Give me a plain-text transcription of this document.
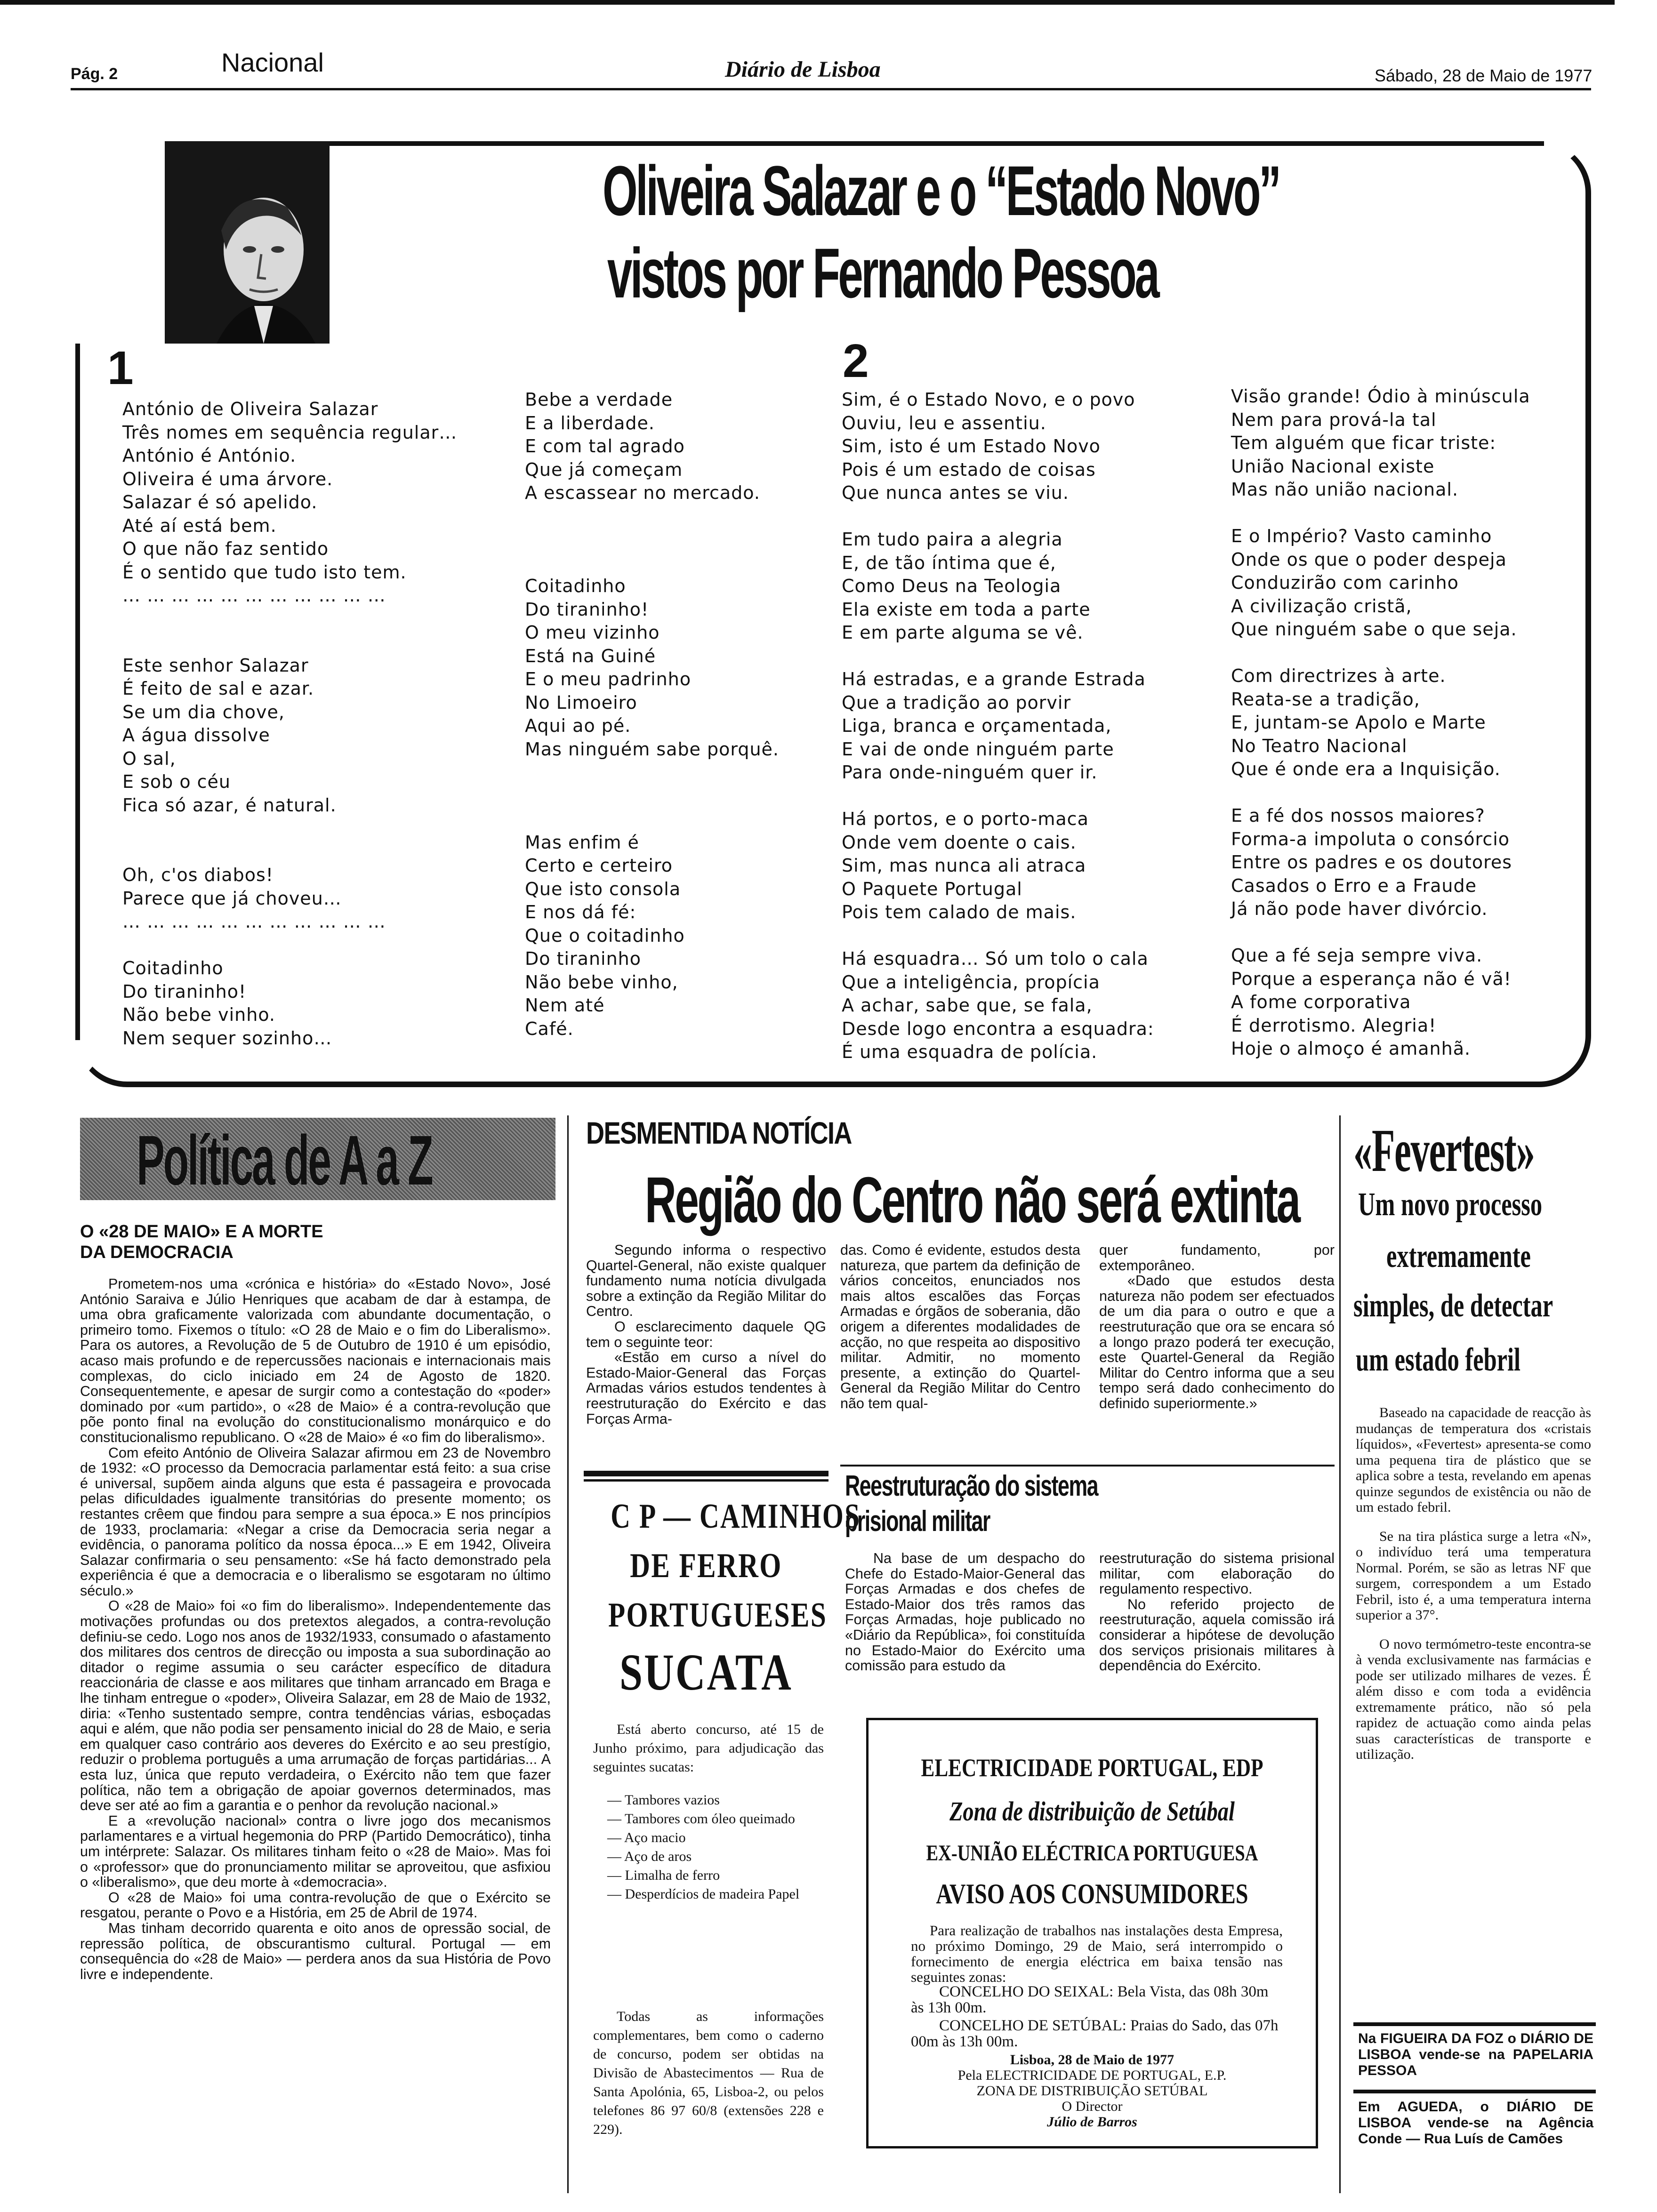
Pág. 2	Nacional	Diário de Lisboa	Sábado, 28 de Maio de 1977
Oliveira Salazar e o “Estado Novo”
vistos por Fernando Pessoa
1	2
António de Oliveira Salazar
Três nomes em sequência regular…
António é António.
Oliveira é uma árvore.
Salazar é só apelido.
Até aí está bem.
O que não faz sentido
É o sentido que tudo isto tem.
… … … … … … … … … … …
Este senhor Salazar
É feito de sal e azar.
Se um dia chove,
A água dissolve
O sal,
E sob o céu
Fica só azar, é natural.
Oh, c'os diabos!
Parece que já choveu…
… … … … … … … … … … …
Coitadinho
Do tiraninho!
Não bebe vinho.
Nem sequer sozinho…
Bebe a verdade
E a liberdade.
E com tal agrado
Que já começam
A escassear no mercado.
Coitadinho
Do tiraninho!
O meu vizinho
Está na Guiné
E o meu padrinho
No Limoeiro
Aqui ao pé.
Mas ninguém sabe porquê.
Mas enfim é
Certo e certeiro
Que isto consola
E nos dá fé:
Que o coitadinho
Do tiraninho
Não bebe vinho,
Nem até
Café.
Sim, é o Estado Novo, e o povo
Ouviu, leu e assentiu.
Sim, isto é um Estado Novo
Pois é um estado de coisas
Que nunca antes se viu.
Em tudo paira a alegria
E, de tão íntima que é,
Como Deus na Teologia
Ela existe em toda a parte
E em parte alguma se vê.
Há estradas, e a grande Estrada
Que a tradição ao porvir
Liga, branca e orçamentada,
E vai de onde ninguém parte
Para onde-ninguém quer ir.
Há portos, e o porto-maca
Onde vem doente o cais.
Sim, mas nunca ali atraca
O Paquete Portugal
Pois tem calado de mais.
Há esquadra… Só um tolo o cala
Que a inteligência, propícia
A achar, sabe que, se fala,
Desde logo encontra a esquadra:
É uma esquadra de polícia.
Visão grande! Ódio à minúscula
Nem para prová-la tal
Tem alguém que ficar triste:
União Nacional existe
Mas não união nacional.
E o Império? Vasto caminho
Onde os que o poder despeja
Conduzirão com carinho
A civilização cristã,
Que ninguém sabe o que seja.
Com directrizes à arte.
Reata-se a tradição,
E, juntam-se Apolo e Marte
No Teatro Nacional
Que é onde era a Inquisição.
E a fé dos nossos maiores?
Forma-a impoluta o consórcio
Entre os padres e os doutores
Casados o Erro e a Fraude
Já não pode haver divórcio.
Que a fé seja sempre viva.
Porque a esperança não é vã!
A fome corporativa
É derrotismo. Alegria!
Hoje o almoço é amanhã.
Política de A a Z
O «28 DE MAIO» E A MORTE
DA DEMOCRACIA

Prometem-nos uma «crónica e história» do «Estado Novo», José António Saraiva e Júlio Henriques que acabam de dar à estampa, de uma obra graficamente valorizada com abundante documentação, o primeiro tomo. Fixemos o título: «O 28 de Maio e o fim do Liberalismo». Para os autores, a Revolução de 5 de Outubro de 1910 é um episódio, acaso mais profundo e de repercussões nacionais e internacionais mais complexas, do ciclo iniciado em 24 de Agosto de 1820. Consequentemente, e apesar de surgir como a contestação do «poder» dominado por «um partido», o «28 de Maio» é a contra-revolução que põe ponto final na evolução do constitucionalismo monárquico e do constitucionalismo republicano. O «28 de Maio» é «o fim do liberalismo».

Com efeito António de Oliveira Salazar afirmou em 23 de Novembro de 1932: «O processo da Democracia parlamentar está feito: a sua crise é universal, supõem ainda alguns que esta é passageira e provocada pelas dificuldades igualmente transitórias do presente momento; os restantes crêem que findou para sempre a sua época.» E nos princípios de 1933, proclamaria: «Negar a crise da Democracia seria negar a evidência, o panorama político da nossa época...» E em 1942, Oliveira Salazar confirmaria o seu pensamento: «Se há facto demonstrado pela experiência é que a democracia e o liberalismo se esgotaram no último século.»

O «28 de Maio» foi «o fim do liberalismo». Independentemente das motivações profundas ou dos pretextos alegados, a contra-revolução definiu-se cedo. Logo nos anos de 1932/1933, consumado o afastamento dos militares dos centros de direcção ou imposta a sua subordinação ao ditador o regime assumia o seu carácter específico de ditadura reaccionária de classe e aos militares que tinham arrancado em Braga e lhe tinham entregue o «poder», Oliveira Salazar, em 28 de Maio de 1932, diria: «Tenho sustentado sempre, contra tendências várias, esboçadas aqui e além, que não podia ser pensamento inicial do 28 de Maio, e seria em qualquer caso contrário aos deveres do Exército e ao seu prestígio, reduzir o problema português a uma arrumação de forças partidárias... A esta luz, única que reputo verdadeira, o Exército não tem que fazer política, não tem a obrigação de apoiar governos determinados, mas deve ser até ao fim a garantia e o penhor da revolução nacional.»

E a «revolução nacional» contra o livre jogo dos mecanismos parlamentares e a virtual hegemonia do PRP (Partido Democrático), tinha um intérprete: Salazar. Os militares tinham feito o «28 de Maio». Mas foi o «professor» que do pronunciamento militar se aproveitou, que asfixiou o «liberalismo», que deu morte à «democracia».

O «28 de Maio» foi uma contra-revolução de que o Exército se resgatou, perante o Povo e a História, em 25 de Abril de 1974.

Mas tinham decorrido quarenta e oito anos de opressão social, de repressão política, de obscurantismo cultural. Portugal — em consequência do «28 de Maio» — perdera anos da sua História de Povo livre e independente.

DESMENTIDA NOTÍCIA
Região do Centro não será extinta

Segundo informa o respectivo Quartel-General, não existe qualquer fundamento numa notícia divulgada sobre a extinção da Região Militar do Centro.

O esclarecimento daquele QG tem o seguinte teor:

«Estão em curso a nível do Estado-Maior-General das Forças Armadas vários estudos tendentes à reestruturação do Exército e das Forças Arma-

das. Como é evidente, estudos desta natureza, que partem da definição de vários conceitos, enunciados nos mais altos escalões das Forças Armadas e órgãos de soberania, dão origem a diferentes modalidades de acção, no que respeita ao dispositivo militar. Admitir, no momento presente, a extinção do Quartel-General da Região Militar do Centro não tem qual-

quer fundamento, por extemporâneo.

«Dado que estudos desta natureza não podem ser efectuados de um dia para o outro e que a reestruturação que ora se encara só a longo prazo poderá ter execução, este Quartel-General da Região Militar do Centro informa que a seu tempo será dado conhecimento do definido superiormente.»

C P — CAMINHOS
DE FERRO
PORTUGUESES
SUCATA
Está aberto concurso, até 15 de Junho próximo, para adjudicação das seguintes sucatas:
— Tambores vazios
— Tambores com óleo queimado
— Aço macio
— Aço de aros
— Limalha de ferro
— Desperdícios de madeira Papel
Todas as informações complementares, bem como o caderno de concurso, podem ser obtidas na Divisão de Abastecimentos — Rua de Santa Apolónia, 65, Lisboa-2, ou pelos telefones 86 97 60/8 (extensões 228 e 229).
Reestruturação do sistema
prisional militar

Na base de um despacho do Chefe do Estado-Maior-General das Forças Armadas e dos chefes de Estado-Maior dos três ramos das Forças Armadas, hoje publicado no «Diário da República», foi constituída no Estado-Maior do Exército uma comissão para estudo da

reestruturação do sistema prisional militar, com elaboração do regulamento respectivo.

No referido projecto de reestruturação, aquela comissão irá considerar a hipótese de devolução dos serviços prisionais militares à dependência do Exército.

ELECTRICIDADE PORTUGAL, EDP
Zona de distribuição de Setúbal
EX-UNIÃO ELÉCTRICA PORTUGUESA
AVISO AOS CONSUMIDORES
Para realização de trabalhos nas instalações desta Empresa, no próximo Domingo, 29 de Maio, será interrompido o fornecimento de energia eléctrica em baixa tensão nas seguintes zonas:
CONCELHO DO SEIXAL: Bela Vista, das 08h 30m às 13h 00m.
CONCELHO DE SETÚBAL: Praias do Sado, das 07h 00m às 13h 00m.
Lisboa, 28 de Maio de 1977
Pela ELECTRICIDADE DE PORTUGAL, E.P.
ZONA DE DISTRIBUIÇÃO SETÚBAL
O Director
Júlio de Barros
«Fevertest»
Um novo processo
extremamente
simples, de detectar
um estado febril

Baseado na capacidade de reacção às mudanças de temperatura dos «cristais líquidos», «Fevertest» apresenta-se como uma pequena tira de plástico que se aplica sobre a testa, revelando em apenas quinze segundos de existência ou não de um estado febril.

Se na tira plástica surge a letra «N», o indivíduo terá uma temperatura Normal. Porém, se são as letras NF que surgem, correspondem a um Estado Febril, isto é, a uma temperatura interna superior a 37°.

O novo termómetro-teste encontra-se à venda exclusivamente nas farmácias e pode ser utilizado milhares de vezes. É além disso e com toda a evidência extremamente prático, não só pela rapidez de actuação como ainda pelas suas características de transporte e utilização.

Na FIGUEIRA DA FOZ o DIÁRIO DE LISBOA vende-se na PAPELARIA PESSOA
Em AGUEDA, o DIÁRIO DE LISBOA vende-se na Agência Conde — Rua Luís de Camões
